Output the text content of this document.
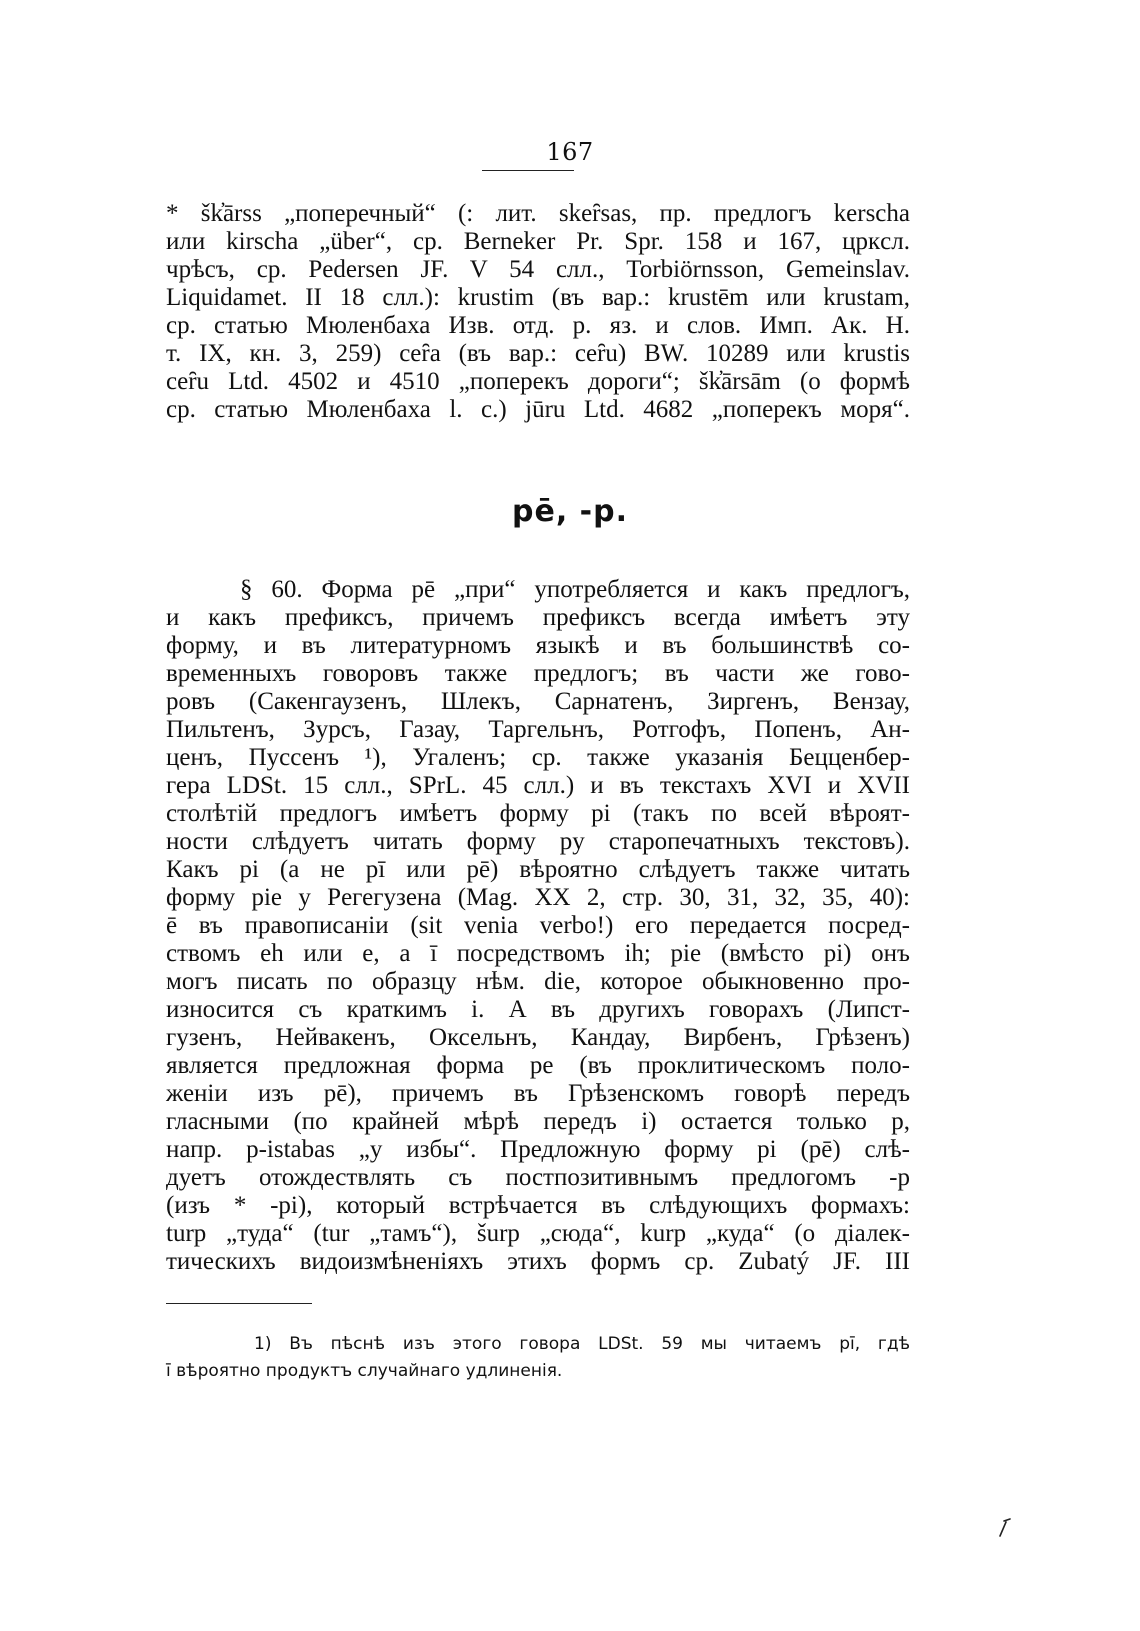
167
* šk̓ārss „поперечный“ (: лит. skeȓsas, пр. предлогъ kerscha
или kirscha „über“, ср. Berneker Pr. Spr. 158 и 167, цркcл.
чрѣсъ, ср. Pedersen JF. V 54 слл., Torbiörnsson, Gemeinslav.
Liquidamet. II 18 слл.): krustim (въ вар.: krustēm или krustam,
ср. статью Мюленбаха Изв. отд. р. яз. и слов. Имп. Ак. Н.
т. IX, кн. 3, 259) ceȓa (въ вар.: ceȓu) BW. 10289 или krustis
ceȓu Ltd. 4502 и 4510 „поперекъ дороги“; šk̓ārsām (о формѣ
ср. статью Мюленбаха l. c.) jūru Ltd. 4682 „поперекъ моря“.
pē, -p.
§ 60. Форма pē „при“ употребляется и какъ предлогъ,
и какъ префиксъ, причемъ префиксъ всегда имѣетъ эту
форму, и въ литературномъ языкѣ и въ большинствѣ со-
временныхъ говоровъ также предлогъ; въ части же гово-
ровъ (Сакенгаузенъ, Шлекъ, Сарнатенъ, Зиргенъ, Вензау,
Пильтенъ, Зурсъ, Газау, Таргельнъ, Ротгофъ, Попенъ, Ан-
ценъ, Пуссенъ ¹), Угаленъ; ср. также указанія Бецценбер-
гера LDSt. 15 слл., SPrL. 45 слл.) и въ текстахъ XVI и XVII
столѣтій предлогъ имѣетъ форму pi (такъ по всей вѣроят-
ности слѣдуетъ читать форму py старопечатныхъ текстовъ).
Какъ pi (а не pī или pē) вѣроятно слѣдуетъ также читать
форму pie у Peгегузена (Mag. XX 2, стр. 30, 31, 32, 35, 40):
ē въ правописаніи (sit venia verbo!) его передается посред-
ствомъ eh или e, а ī посредствомъ ih; pie (вмѣсто pi) онъ
могъ писать по образцу нѣм. die, которое обыкновенно про-
износится съ краткимъ i. А въ другихъ говорахъ (Липст-
гузенъ, Нейвакенъ, Оксельнъ, Кандау, Вирбенъ, Грѣзенъ)
является предложная форма pe (въ проклитическомъ поло-
женіи изъ pē), причемъ въ Грѣзенскомъ говорѣ передъ
гласными (по крайней мѣрѣ передъ i) остается только p,
напр. p-istabas „у избы“. Предложную форму pi (pē) слѣ-
дуетъ отождествлять съ постпозитивнымъ предлогомъ -p
(изъ * -pi), который встрѣчается въ слѣдующихъ формахъ:
turp „туда“ (tur „тамъ“), šurp „сюда“, kurp „куда“ (о діалек-
тическихъ видоизмѣненіяхъ этихъ формъ ср. Zubatý JF. III
1) Въ пѣснѣ изъ этого говора LDSt. 59 мы читаемъ pī, гдѣ
ī вѣроятно продуктъ случайнаго удлиненія.
